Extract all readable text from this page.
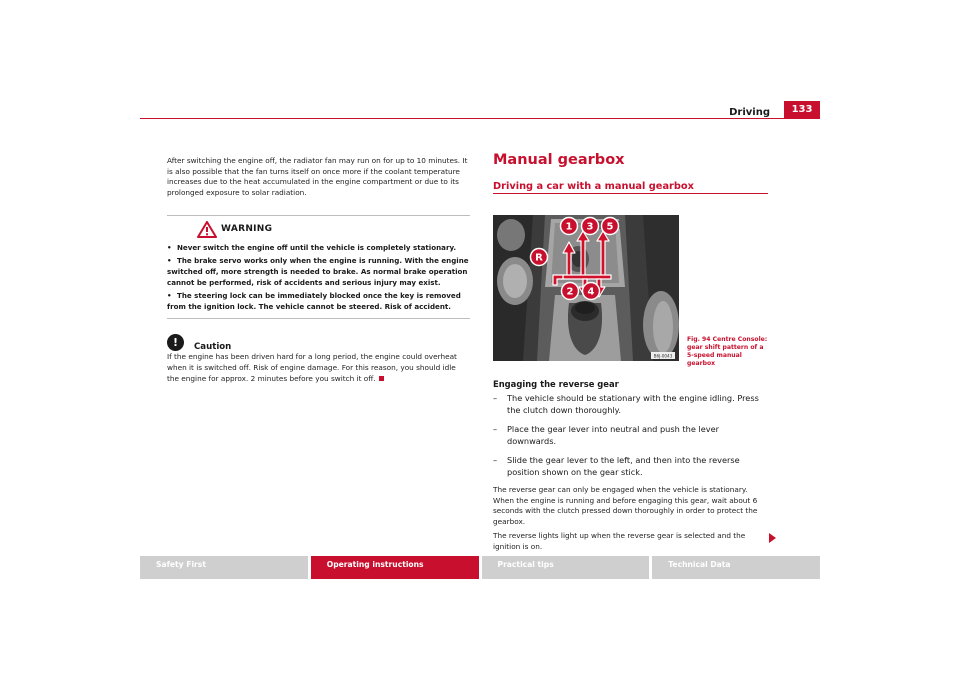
Driving	133

After switching the engine off, the radiator fan may run on for up to 10 minutes. It is also possible that the fan turns itself on once more if the coolant temperature increases due to the heat accumulated in the engine compartment or due to its prolonged exposure to solar radiation.

WARNING
• Never switch the engine off until the vehicle is completely stationary.
• The brake servo works only when the engine is running. With the engine switched off, more strength is needed to brake. As normal brake operation cannot be performed, risk of accidents and serious injury may exist.
• The steering lock can be immediately blocked once the key is removed from the ignition lock. The vehicle cannot be steered. Risk of accident.
!	Caution

If the engine has been driven hard for a long period, the engine could overheat when it is switched off. Risk of engine damage. For this reason, you should idle the engine for approx. 2 minutes before you switch it off.

Manual gearbox
Driving a car with a manual gearbox
1 3 5
R
2 4
B6J-0043
Fig. 94 Centre Console: gear shift pattern of a 5-speed manual gearbox
Engaging the reverse gear
–	The vehicle should be stationary with the engine idling. Press the clutch down thoroughly.
–	Place the gear lever into neutral and push the lever downwards.
–	Slide the gear lever to the left, and then into the reverse position shown on the gear stick.

The reverse gear can only be engaged when the vehicle is stationary. When the engine is running and before engaging this gear, wait about 6 seconds with the clutch pressed down thoroughly in order to protect the gearbox.

The reverse lights light up when the reverse gear is selected and the ignition is on.

Safety First	Operating instructions	Practical tips	Technical Data
